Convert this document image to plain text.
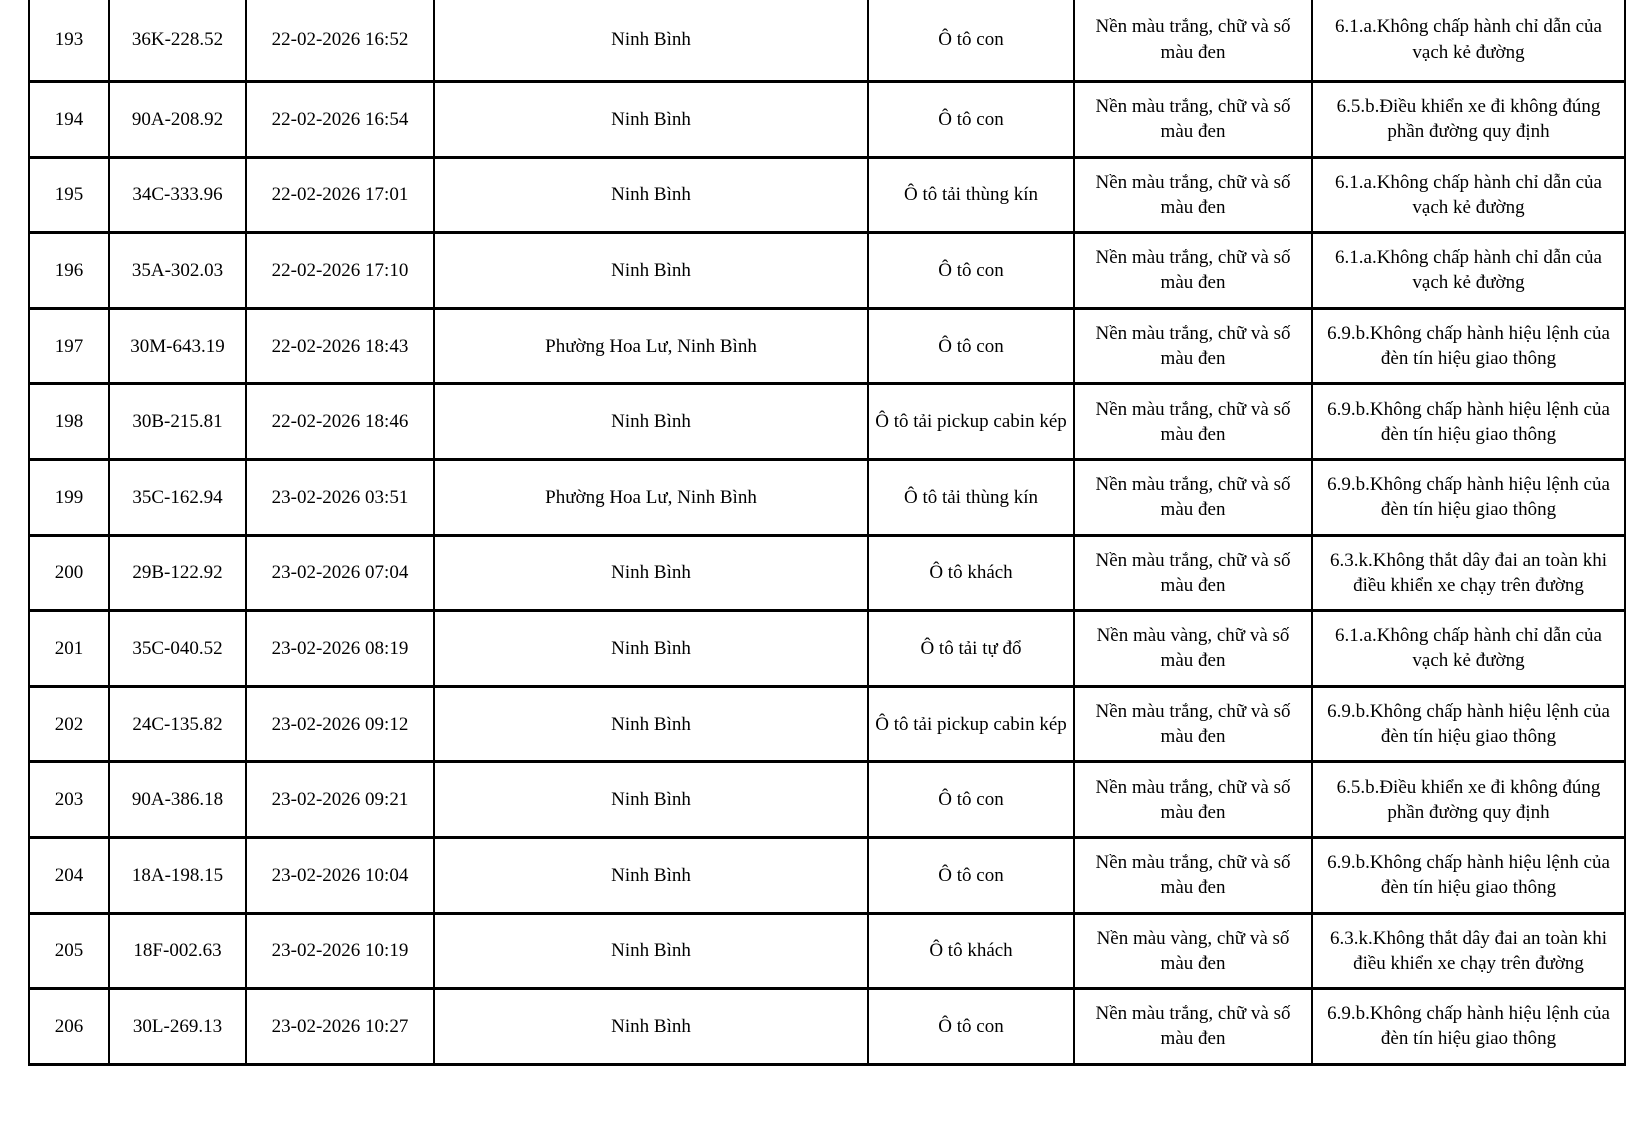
193	36K-228.52	22-02-2026 16:52	Ninh Bình	Ô tô con	Nền màu trắng, chữ và số màu đen	6.1.a.Không chấp hành chỉ dẫn của vạch kẻ đường
194	90A-208.92	22-02-2026 16:54	Ninh Bình	Ô tô con	Nền màu trắng, chữ và số màu đen	6.5.b.Điều khiển xe đi không đúng phần đường quy định
195	34C-333.96	22-02-2026 17:01	Ninh Bình	Ô tô tải thùng kín	Nền màu trắng, chữ và số màu đen	6.1.a.Không chấp hành chỉ dẫn của vạch kẻ đường
196	35A-302.03	22-02-2026 17:10	Ninh Bình	Ô tô con	Nền màu trắng, chữ và số màu đen	6.1.a.Không chấp hành chỉ dẫn của vạch kẻ đường
197	30M-643.19	22-02-2026 18:43	Phường Hoa Lư, Ninh Bình	Ô tô con	Nền màu trắng, chữ và số màu đen	6.9.b.Không chấp hành hiệu lệnh của đèn tín hiệu giao thông
198	30B-215.81	22-02-2026 18:46	Ninh Bình	Ô tô tải pickup cabin kép	Nền màu trắng, chữ và số màu đen	6.9.b.Không chấp hành hiệu lệnh của đèn tín hiệu giao thông
199	35C-162.94	23-02-2026 03:51	Phường Hoa Lư, Ninh Bình	Ô tô tải thùng kín	Nền màu trắng, chữ và số màu đen	6.9.b.Không chấp hành hiệu lệnh của đèn tín hiệu giao thông
200	29B-122.92	23-02-2026 07:04	Ninh Bình	Ô tô khách	Nền màu trắng, chữ và số màu đen	6.3.k.Không thắt dây đai an toàn khi điều khiển xe chạy trên đường
201	35C-040.52	23-02-2026 08:19	Ninh Bình	Ô tô tải tự đổ	Nền màu vàng, chữ và số màu đen	6.1.a.Không chấp hành chỉ dẫn của vạch kẻ đường
202	24C-135.82	23-02-2026 09:12	Ninh Bình	Ô tô tải pickup cabin kép	Nền màu trắng, chữ và số màu đen	6.9.b.Không chấp hành hiệu lệnh của đèn tín hiệu giao thông
203	90A-386.18	23-02-2026 09:21	Ninh Bình	Ô tô con	Nền màu trắng, chữ và số màu đen	6.5.b.Điều khiển xe đi không đúng phần đường quy định
204	18A-198.15	23-02-2026 10:04	Ninh Bình	Ô tô con	Nền màu trắng, chữ và số màu đen	6.9.b.Không chấp hành hiệu lệnh của đèn tín hiệu giao thông
205	18F-002.63	23-02-2026 10:19	Ninh Bình	Ô tô khách	Nền màu vàng, chữ và số màu đen	6.3.k.Không thắt dây đai an toàn khi điều khiển xe chạy trên đường
206	30L-269.13	23-02-2026 10:27	Ninh Bình	Ô tô con	Nền màu trắng, chữ và số màu đen	6.9.b.Không chấp hành hiệu lệnh của đèn tín hiệu giao thông
